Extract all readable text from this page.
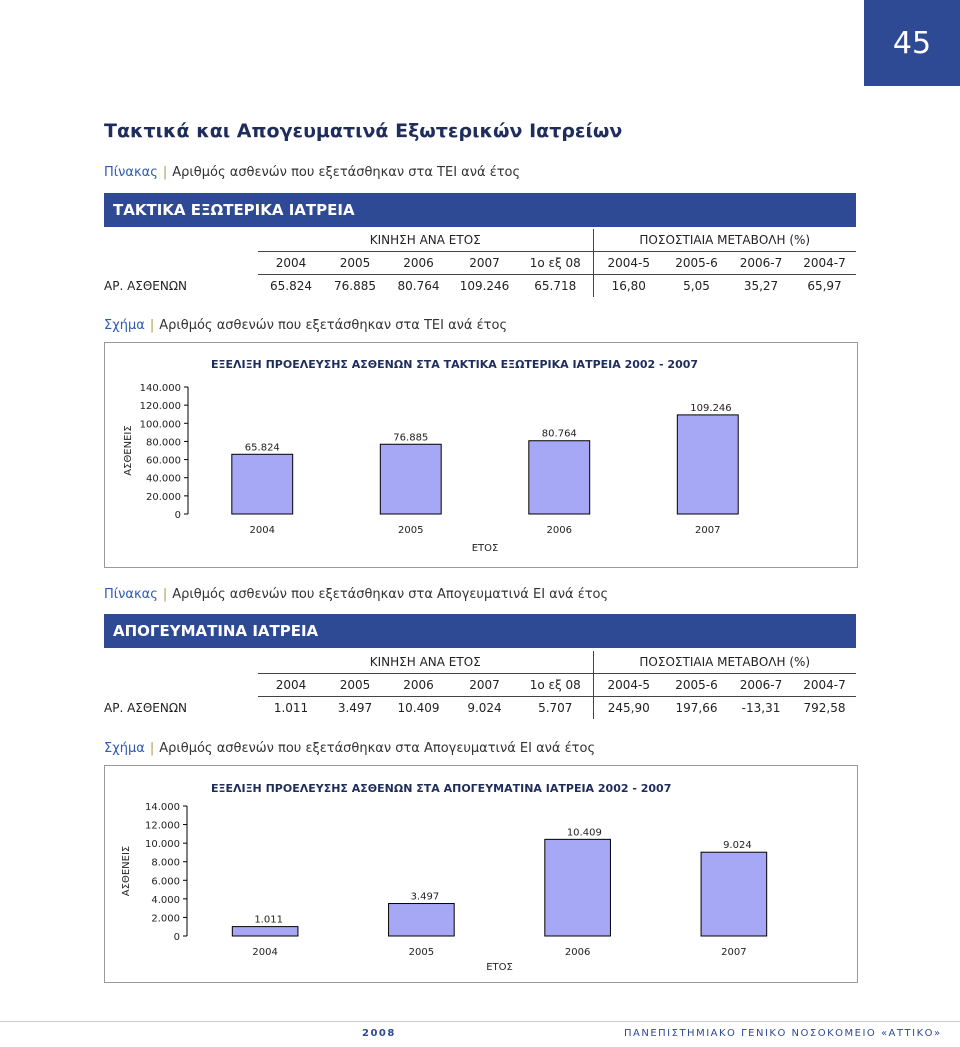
45
Τακτικά και Απογευματινά Εξωτερικών Ιατρείων
Πίνακας | Αριθμός ασθενών που εξετάσθηκαν στα ΤΕΙ ανά έτος
ΤΑΚΤΙΚΑ ΕΞΩΤΕΡΙΚΑ ΙΑΤΡΕΙΑ
	ΚΙΝΗΣΗ ΑΝΑ ΕΤΟΣ					ΠΟΣΟΣΤΙΑΙΑ ΜΕΤΑΒΟΛΗ (%)			
	2004	2005	2006	2007	1ο εξ 08	2004-5	2005-6	2006-7	2004-7
ΑΡ. ΑΣΘΕΝΩΝ	65.824	76.885	80.764	109.246	65.718	16,80	5,05	35,27	65,97
Σχήμα | Αριθμός ασθενών που εξετάσθηκαν στα ΤΕΙ ανά έτος
ΕΞΕΛΙΞΗ ΠΡΟΕΛΕΥΣΗΣ ΑΣΘΕΝΩΝ ΣΤΑ ΤΑΚΤΙΚΑ ΕΞΩΤΕΡΙΚΑ ΙΑΤΡΕΙΑ 2002 - 2007
0
20.000
40.000
60.000
80.000
100.000
120.000
140.000
65.824
2004
76.885
2005
80.764
2006
109.246
2007
ΕΤΟΣ
ΑΣΘΕΝΕΙΣ
Πίνακας | Αριθμός ασθενών που εξετάσθηκαν στα Απογευματινά ΕΙ ανά έτος
ΑΠΟΓΕΥΜΑΤΙΝΑ ΙΑΤΡΕΙΑ
	ΚΙΝΗΣΗ ΑΝΑ ΕΤΟΣ					ΠΟΣΟΣΤΙΑΙΑ ΜΕΤΑΒΟΛΗ (%)			
	2004	2005	2006	2007	1ο εξ 08	2004-5	2005-6	2006-7	2004-7
ΑΡ. ΑΣΘΕΝΩΝ	1.011	3.497	10.409	9.024	5.707	245,90	197,66	-13,31	792,58
Σχήμα | Αριθμός ασθενών που εξετάσθηκαν στα Απογευματινά ΕΙ ανά έτος
ΕΞΕΛΙΞΗ ΠΡΟΕΛΕΥΣΗΣ ΑΣΘΕΝΩΝ ΣΤΑ ΑΠΟΓΕΥΜΑΤΙΝΑ ΙΑΤΡΕΙΑ 2002 - 2007
0
2.000
4.000
6.000
8.000
10.000
12.000
14.000
1.011
2004
3.497
2005
10.409
2006
9.024
2007
ΕΤΟΣ
ΑΣΘΕΝΕΙΣ
2008	ΠΑΝΕΠΙΣΤΗΜΙΑΚΟ ΓΕΝΙΚΟ ΝΟΣΟΚΟΜΕΙΟ «ΑΤΤΙΚΟ»
